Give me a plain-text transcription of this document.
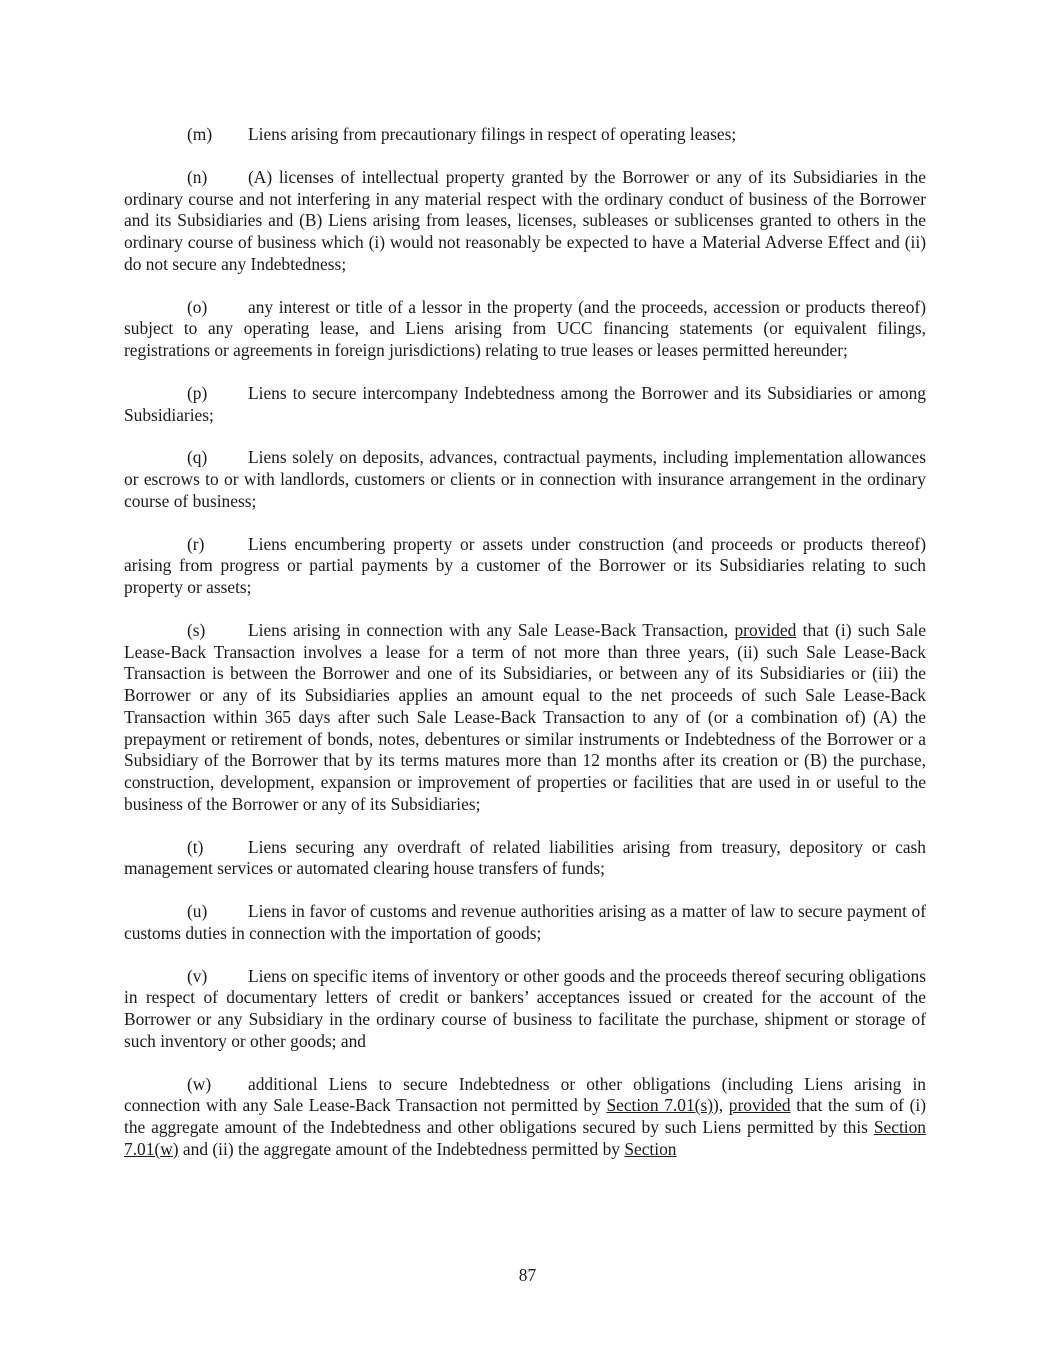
(m) Liens arising from precautionary filings in respect of operating leases;

(n) (A) licenses of intellectual property granted by the Borrower or any of its Subsidiaries in the ordinary course and not interfering in any material respect with the ordinary conduct of business of the Borrower and its Subsidiaries and (B) Liens arising from leases, licenses, subleases or sublicenses granted to others in the ordinary course of business which (i) would not reasonably be expected to have a Material Adverse Effect and (ii) do not secure any Indebtedness;

(o) any interest or title of a lessor in the property (and the proceeds, accession or products thereof) subject to any operating lease, and Liens arising from UCC financing statements (or equivalent filings, registrations or agreements in foreign jurisdictions) relating to true leases or leases permitted hereunder;

(p) Liens to secure intercompany Indebtedness among the Borrower and its Subsidiaries or among Subsidiaries;

(q) Liens solely on deposits, advances, contractual payments, including implementation allowances or escrows to or with landlords, customers or clients or in connection with insurance arrangement in the ordinary course of business;

(r)	Liens encumbering property or assets under construction (and proceeds or products thereof) arising from progress or partial payments by a customer of the Borrower or its Subsidiaries relating to such property or assets;

(s) Liens arising in connection with any Sale Lease-Back Transaction, provided that (i) such Sale Lease-Back Transaction involves a lease for a term of not more than three years, (ii) such Sale Lease-Back Transaction is between the Borrower and one of its Subsidiaries, or between any of its Subsidiaries or (iii) the Borrower or any of its Subsidiaries applies an amount equal to the net proceeds of such Sale Lease-Back Transaction within 365 days after such Sale Lease-Back Transaction to any of (or a combination of) (A) the prepayment or retirement of bonds, notes, debentures or similar instruments or Indebtedness of the Borrower or a Subsidiary of the Borrower that by its terms matures more than 12 months after its creation or (B) the purchase, construction, development, expansion or improvement of properties or facilities that are used in or useful to the business of the Borrower or any of its Subsidiaries;

(t)	Liens securing any overdraft of related liabilities arising from treasury, depository or cash management services or automated clearing house transfers of funds;

(u) Liens in favor of customs and revenue authorities arising as a matter of law to secure payment of customs duties in connection with the importation of goods;

(v) Liens on specific items of inventory or other goods and the proceeds thereof securing obligations in respect of documentary letters of credit or bankers’ acceptances issued or created for the account of the Borrower or any Subsidiary in the ordinary course of business to facilitate the purchase, shipment or storage of such inventory or other goods; and

(w) additional Liens to secure Indebtedness or other obligations (including Liens arising in connection with any Sale Lease-Back Transaction not permitted by Section 7.01(s)), provided that the sum of (i) the aggregate amount of the Indebtedness and other obligations secured by such Liens permitted by this Section 7.01(w) and (ii) the aggregate amount of the Indebtedness permitted by Section

87
